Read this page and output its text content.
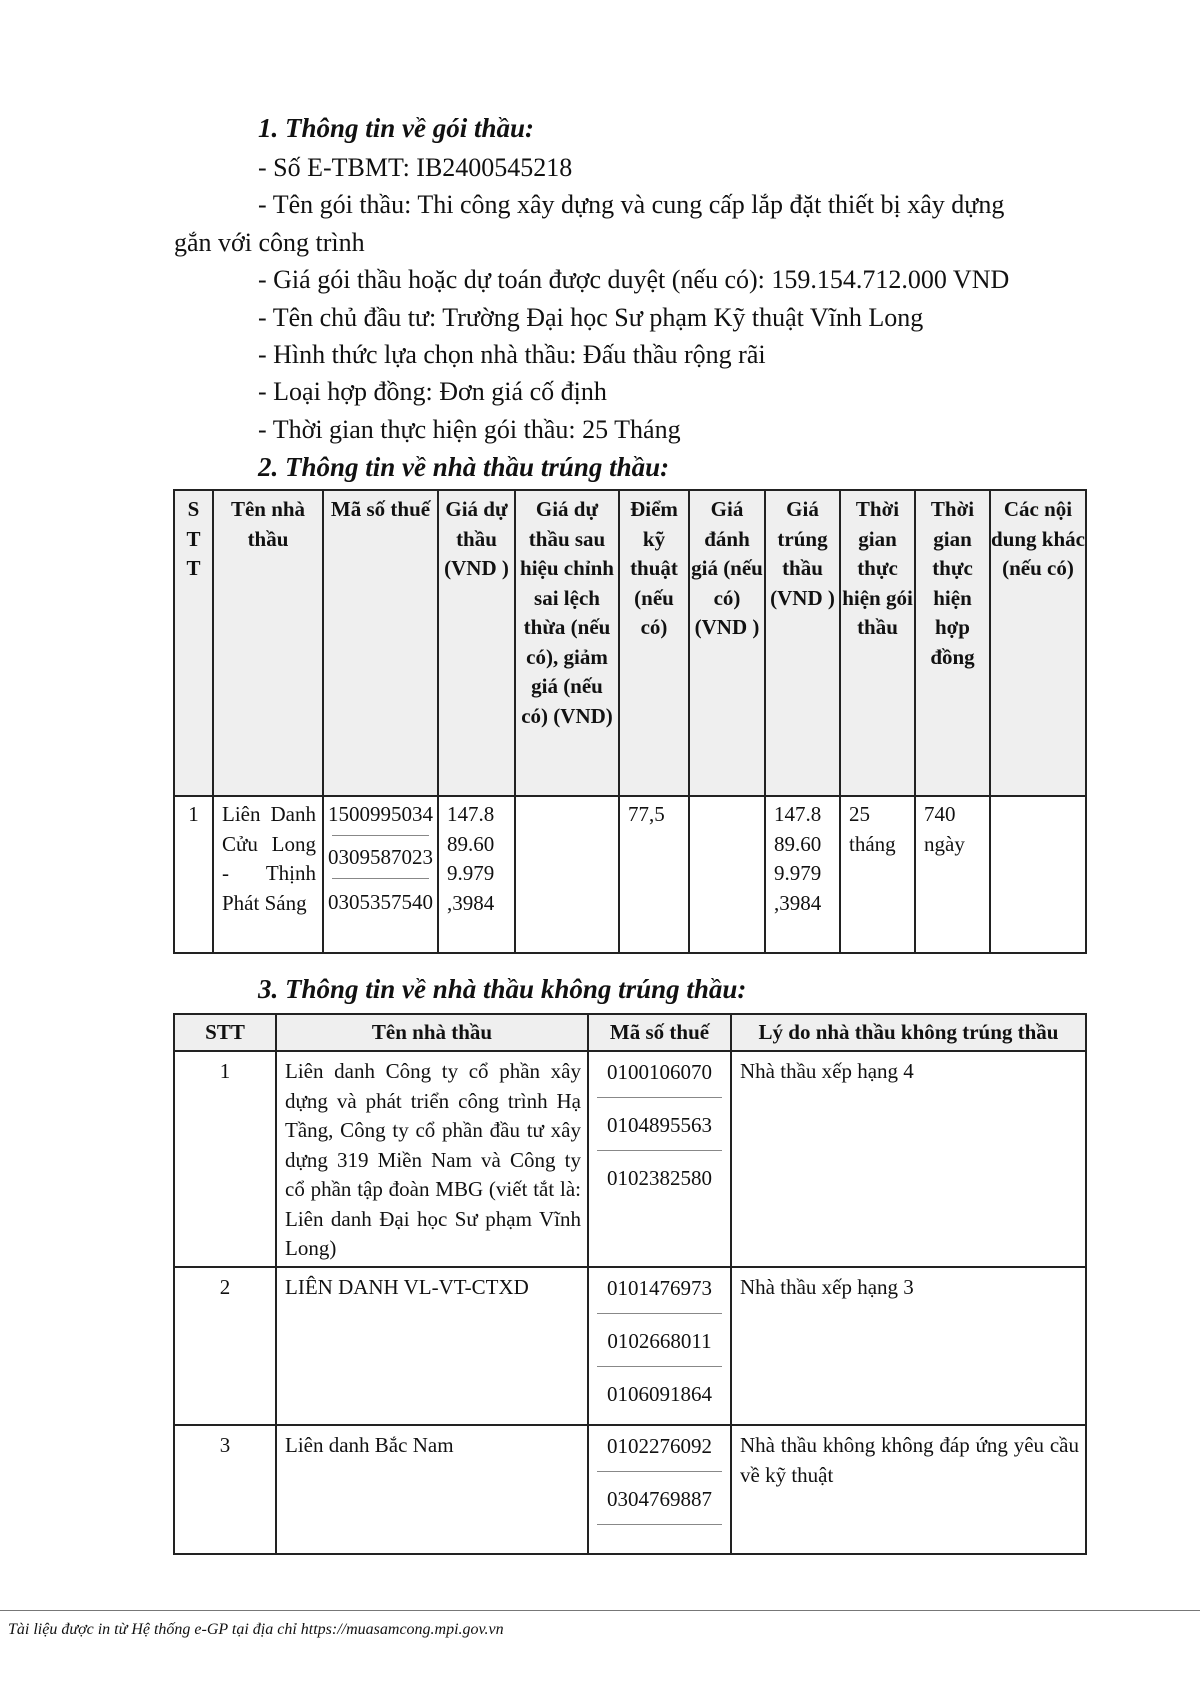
1. Thông tin về gói thầu:
- Số E-TBMT: IB2400545218
- Tên gói thầu: Thi công xây dựng và cung cấp lắp đặt thiết bị xây dựng
gắn với công trình
- Giá gói thầu hoặc dự toán được duyệt (nếu có): 159.154.712.000 VND
- Tên chủ đầu tư: Trường Đại học Sư phạm Kỹ thuật Vĩnh Long
- Hình thức lựa chọn nhà thầu: Đấu thầu rộng rãi
- Loại hợp đồng: Đơn giá cố định
- Thời gian thực hiện gói thầu: 25 Tháng
2. Thông tin về nhà thầu trúng thầu:
S
T
T	Tên nhà thầu	Mã số thuế	Giá dự thầu (VND )	Giá dự thầu sau hiệu chỉnh sai lệch thừa (nếu có), giảm giá (nếu có) (VND)	Điểm kỹ thuật (nếu có)	Giá đánh giá (nếu có) (VND )	Giá trúng thầu (VND )	Thời gian thực hiện gói thầu	Thời gian thực hiện hợp đồng	Các nội dung khác (nếu có)
1	Liên Danh Cửu Long - Thịnh Phát Sáng	1500995034
0309587023
0305357540	147.8 89.60 9.979 ,3984		77,5		147.8 89.60 9.979 ,3984	25 tháng	740 ngày	
3. Thông tin về nhà thầu không trúng thầu:
STT	Tên nhà thầu	Mã số thuế	Lý do nhà thầu không trúng thầu
1	Liên danh Công ty cổ phần xây dựng và phát triển công trình Hạ Tầng, Công ty cổ phần đầu tư xây dựng 319 Miền Nam và Công ty cổ phần tập đoàn MBG (viết tắt là: Liên danh Đại học Sư phạm Vĩnh Long)	0100106070
0104895563
0102382580	Nhà thầu xếp hạng 4
2	LIÊN DANH VL-VT-CTXD	0101476973
0102668011
0106091864	Nhà thầu xếp hạng 3
3	Liên danh Bắc Nam	0102276092
0304769887	Nhà thầu không không đáp ứng yêu cầu về kỹ thuật
Tài liệu được in từ Hệ thống e-GP tại địa chỉ https://muasamcong.mpi.gov.vn
